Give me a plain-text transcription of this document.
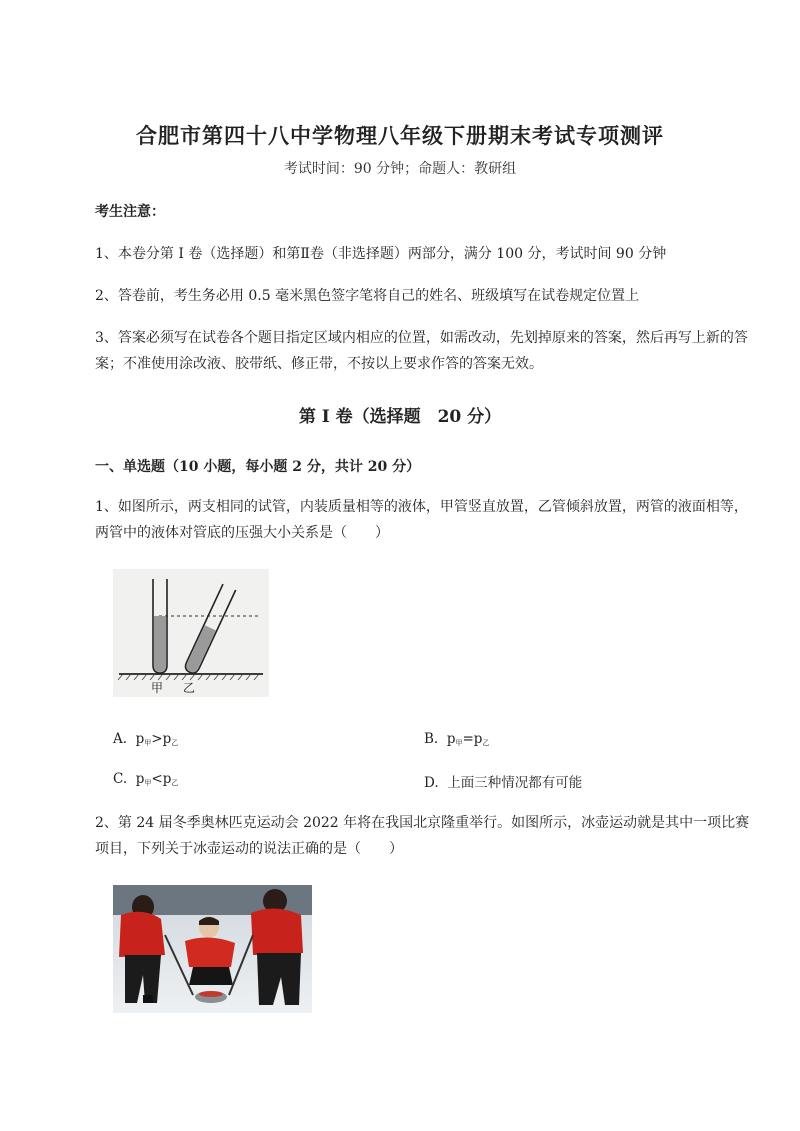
合肥市第四十八中学物理八年级下册期末考试专项测评
考试时间：90 分钟；命题人：教研组
考生注意：
1、本卷分第 I 卷（选择题）和第Ⅱ卷（非选择题）两部分，满分 100 分，考试时间 90 分钟
2、答卷前，考生务必用 0.5 毫米黑色签字笔将自己的姓名、班级填写在试卷规定位置上
3、答案必须写在试卷各个题目指定区域内相应的位置，如需改动，先划掉原来的答案，然后再写上新的答案；不准使用涂改液、胶带纸、修正带，不按以上要求作答的答案无效。
第 I 卷（选择题　20 分）
一、单选题（10 小题，每小题 2 分，共计 20 分）
1、如图所示，两支相同的试管，内装质量相等的液体，甲管竖直放置，乙管倾斜放置，两管的液面相等，两管中的液体对管底的压强大小关系是（　　）
甲 乙
A. $p_甲>p_乙$	B. $p_甲=p_乙$
C. $p_甲<p_乙$	D. 上面三种情况都有可能
2、第 24 届冬季奥林匹克运动会 2022 年将在我国北京隆重举行。如图所示，冰壶运动就是其中一项比赛项目，下列关于冰壶运动的说法正确的是（　　）
